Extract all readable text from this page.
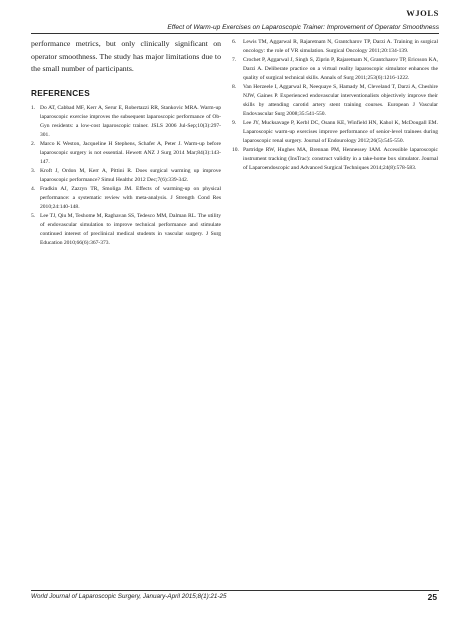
WJOLS
Effect of Warm-up Exercises on Laparoscopic Trainer: Improvement of Operator Smoothness

performance metrics, but only clinically significant on operator smoothness. The study has major limitations due to the small number of participants.

REFERENCES
1. Do AT, Cabbad MF, Kerr A, Serur E, Robertazzi RR, Stankovic MRA. Warm-up laparoscopic exercise improves the subsequent laparoscopic performance of Ob-Gyn residents: a low-cost laparoscopic trainer. JSLS 2006 Jul-Sep;10(3):297-301.
2. Marco K Weston, Jacqueline H Stephens, Schafer A, Peter J. Warm-up before laparoscopic surgery is not essential. Hewett ANZ J Surg 2014 Mar;84(3):143-147.
3. Kroft J, Ordon M, Kerr A, Pittini R. Does surgical warming up improve laparoscopic performance? Simul Healthc 2012 Dec;7(6):339-342.
4. Fradkin AJ, Zazryn TR, Smoliga JM. Effects of warming-up on physical performance: a systematic review with meta-analysis. J Strength Cond Res 2010;24:140-148.
5. Lee TJ, Qiu M, Teshome M, Raghavan SS, Tedesco MM, Dalman RL. The utility of endovascular simulation to improve technical performance and stimulate continued interest of preclinical medical students in vascular surgery. J Surg Education 2010;66(6):367-373.
6.	Lewis TM, Aggarwal R, Rajaretnam N, Grantcharov TP, Darzi A. Training in surgical oncology: the role of VR simulation. Surgical Oncology 2011;20:134-139.
7.	Crochet P, Aggarwal J, Singh S, Ziprin P, Rajaretnam N, Grantcharov TP, Ericsson KA, Darzi A. Deliberate practice on a virtual reality laparoscopic simulator enhances the quality of surgical technical skills. Annals of Surg 2011;253(6):1216-1222.
8.	Van Herzeele I, Aggarwal R, Neequaye S, Hamady M, Cleveland T, Darzi A, Cheshire NJW, Gaines P. Experienced endovascular interventionalists objectively improve their skills by attending carotid artery stent training courses. European J Vascular Endovascular Surg 2008;35:541-550.
9.	Lee JY, Mucksavage P, Kerbl DC, Osann KE, Winfield HN, Kahol K, McDougall EM. Laparoscopic warm-up exercises improve performance of senior-level trainees during laparoscopic renal surgery. Journal of Endourology 2012;26(5):545-550.
10. Partridge RW, Hughes MA, Brennan PM, Hennessey IAM. Accessible laparoscopic instrument tracking (InsTrac): construct validity in a take-home box simulator. Journal of Laparoendoscopic and Advanced Surgical Techniques 2014;24(8):578-583.
World Journal of Laparoscopic Surgery, January-April 2015;8(1):21-25	25
